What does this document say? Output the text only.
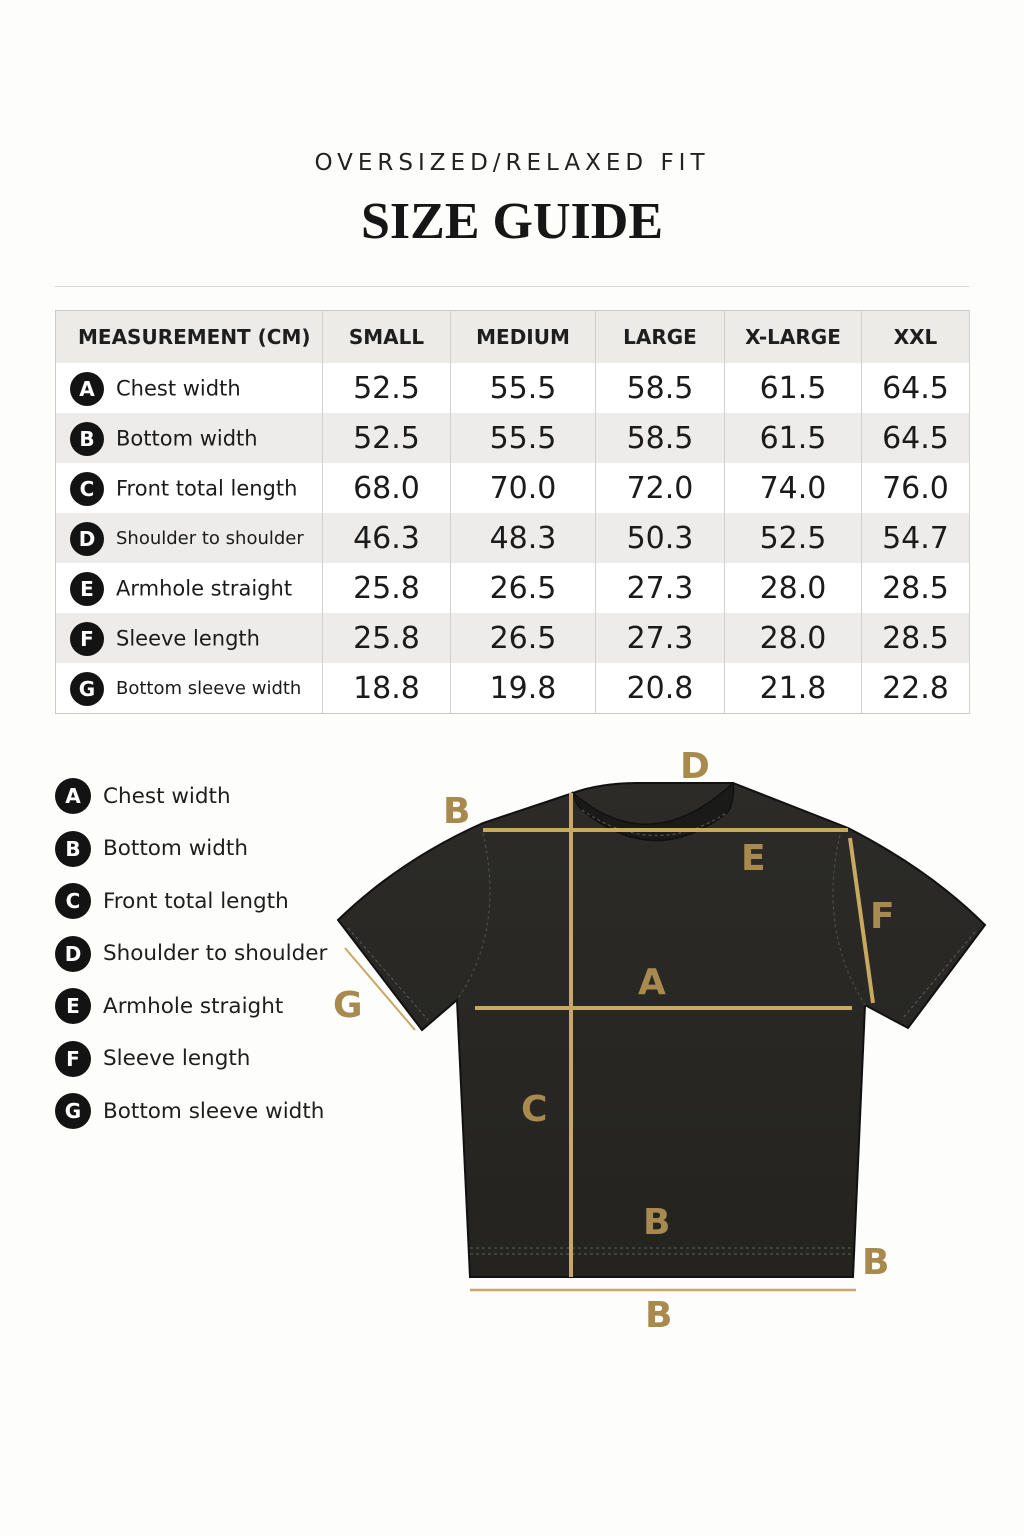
OVERSIZED/RELAXED FIT

SIZE GUIDE
MEASUREMENT (CM)	SMALL	MEDIUM	LARGE	X-LARGE	XXL
A Chest width	52.5	55.5	58.5	61.5	64.5
B Bottom width	52.5	55.5	58.5	61.5	64.5
C Front total length	68.0	70.0	72.0	74.0	76.0
D Shoulder to shoulder	46.3	48.3	50.3	52.5	54.7
E Armhole straight	25.8	26.5	27.3	28.0	28.5
F Sleeve length	25.8	26.5	27.3	28.0	28.5
G Bottom sleeve width	18.8	19.8	20.8	21.8	22.8
A	Chest width
B	Bottom width
C	Front total length
D	Shoulder to shoulder
E	Armhole straight
F	Sleeve length
G	Bottom sleeve width
D
B
E
F
G
A
C
B
B
B
